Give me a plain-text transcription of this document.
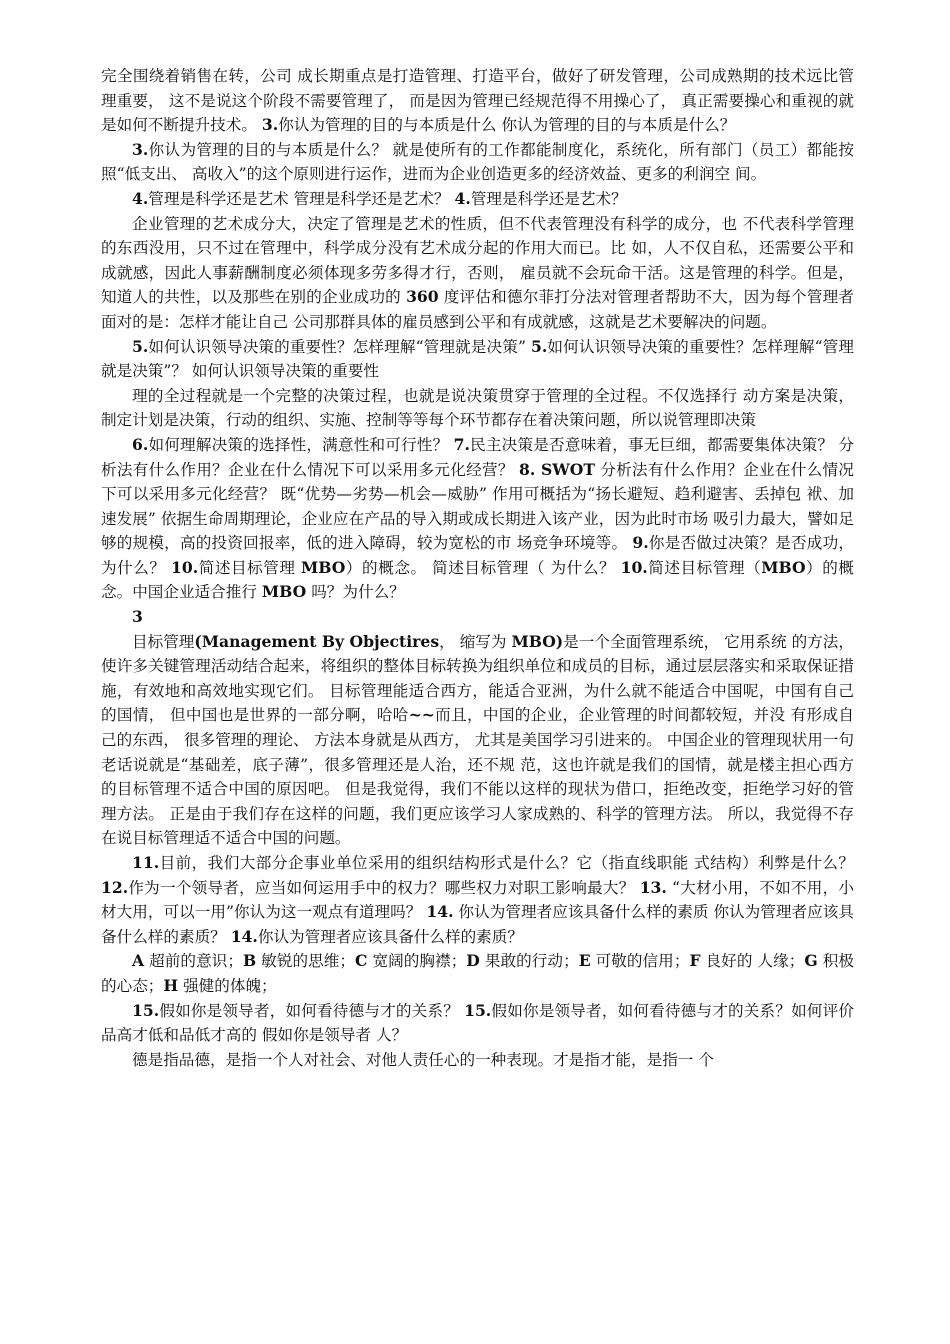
完全围绕着销售在转，公司 成长期重点是打造管理、打造平台，做好了研发管理，公司成熟期的技术远比管 理重要， 这不是说这个阶段不需要管理了， 而是因为管理已经规范得不用操心了， 真正需要操心和重视的就是如何不断提升技术。 3.你认为管理的目的与本质是什么 你认为管理的目的与本质是什么？

3.你认为管理的目的与本质是什么？ 就是使所有的工作都能制度化，系统化，所有部门（员工）都能按照“低支出、 高收入”的这个原则进行运作，进而为企业创造更多的经济效益、更多的利润空 间。

4.管理是科学还是艺术 管理是科学还是艺术？ 4.管理是科学还是艺术？

企业管理的艺术成分大，决定了管理是艺术的性质，但不代表管理没有科学的成分，也 不代表科学管理的东西没用，只不过在管理中，科学成分没有艺术成分起的作用大而已。比 如，人不仅自私，还需要公平和成就感，因此人事薪酬制度必须体现多劳多得才行，否则， 雇员就不会玩命干活。这是管理的科学。但是，知道人的共性，以及那些在别的企业成功的 360 度评估和德尔菲打分法对管理者帮助不大，因为每个管理者面对的是：怎样才能让自己 公司那群具体的雇员感到公平和有成就感，这就是艺术要解决的问题。

5.如何认识领导决策的重要性？怎样理解“管理就是决策” 5.如何认识领导决策的重要性？怎样理解“管理就是决策”？ 如何认识领导决策的重要性

理的全过程就是一个完整的决策过程，也就是说决策贯穿于管理的全过程。不仅选择行 动方案是决策，制定计划是决策，行动的组织、实施、控制等等每个环节都存在着决策问题，所以说管理即决策

6.如何理解决策的选择性，满意性和可行性？ 7.民主决策是否意味着，事无巨细，都需要集体决策？ 分析法有什么作用？企业在什么情况下可以采用多元化经营？ 8. SWOT 分析法有什么作用？企业在什么情况下可以采用多元化经营？ 既“优势—劣势—机会—威胁” 作用可概括为“扬长避短、趋利避害、丢掉包 袱、加速发展” 依据生命周期理论，企业应在产品的导入期或成长期进入该产业，因为此时市场 吸引力最大，譬如足够的规模，高的投资回报率，低的进入障碍，较为宽松的市 场竞争环境等。 9.你是否做过决策？是否成功，为什么？ 10.简述目标管理 MBO）的概念。 简述目标管理（ 为什么？ 10.简述目标管理（MBO）的概念。中国企业适合推行 MBO 吗？为什么？

3

目标管理(Management By Objectires， 缩写为 MBO)是一个全面管理系统， 它用系统 的方法，使许多关键管理活动结合起来，将组织的整体目标转换为组织单位和成员的目标，通过层层落实和采取保证措施，有效地和高效地实现它们。 目标管理能适合西方，能适合亚洲，为什么就不能适合中国呢，中国有自己的国情， 但中国也是世界的一部分啊，哈哈~~而且，中国的企业，企业管理的时间都较短，并没 有形成自己的东西， 很多管理的理论、 方法本身就是从西方， 尤其是美国学习引进来的。 中国企业的管理现状用一句老话说就是“基础差，底子薄”，很多管理还是人治，还不规 范，这也许就是我们的国情，就是楼主担心西方的目标管理不适合中国的原因吧。 但是我觉得，我们不能以这样的现状为借口，拒绝改变，拒绝学习好的管理方法。 正是由于我们存在这样的问题，我们更应该学习人家成熟的、科学的管理方法。 所以，我觉得不存在说目标管理适不适合中国的问题。

11.目前，我们大部分企事业单位采用的组织结构形式是什么？它（指直线职能 式结构）利弊是什么？ 12.作为一个领导者，应当如何运用手中的权力？哪些权力对职工影响最大？ 13. “大材小用，不如不用，小材大用，可以一用”你认为这一观点有道理吗？ 14. 你认为管理者应该具备什么样的素质 你认为管理者应该具备什么样的素质？ 14.你认为管理者应该具备什么样的素质？

A 超前的意识；B 敏锐的思维；C 宽阔的胸襟；D 果敢的行动；E 可敬的信用；F 良好的 人缘；G 积极的心态；H 强健的体魄；

15.假如你是领导者，如何看待德与才的关系？ 15.假如你是领导者，如何看待德与才的关系？如何评价品高才低和品低才高的 假如你是领导者 人？

德是指品德，是指一个人对社会、对他人责任心的一种表现。才是指才能，是指一 个
